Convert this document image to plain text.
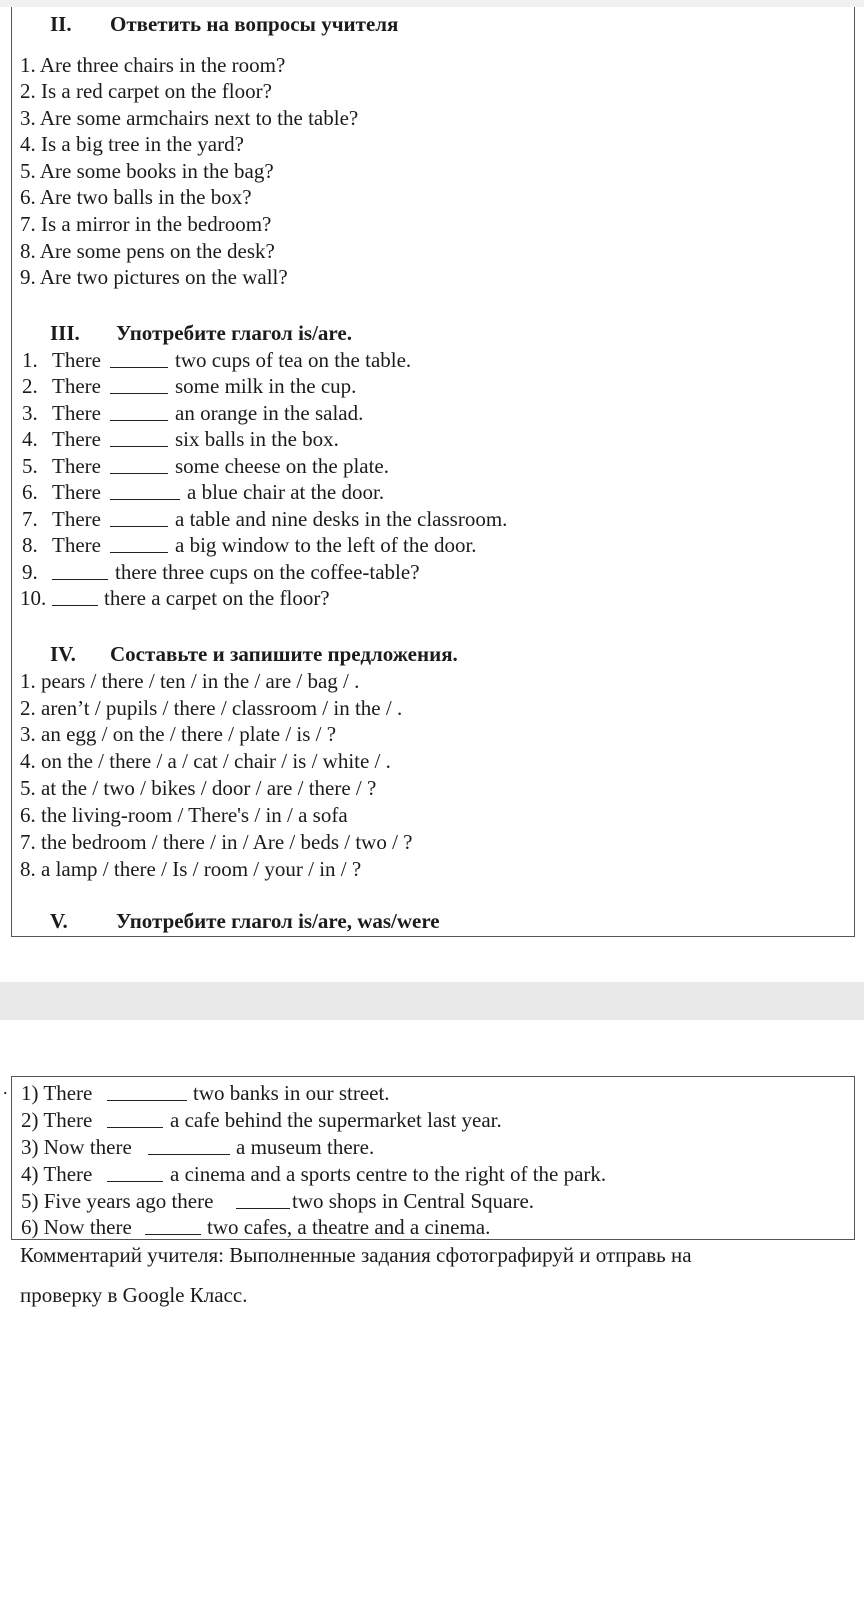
II. Ответить на вопросы учителя
1. Are three chairs in the room?
2. Is a red carpet on the floor?
3. Are some armchairs next to the table?
4. Is a big tree in the yard?
5. Are some books in the bag?
6. Are two balls in the box?
7. Is a mirror in the bedroom?
8. Are some pens on the desk?
9. Are two pictures on the wall?
III. Употребите глагол is/are.
1. There	two cups of tea on the table.
2. There	some milk in the cup.
3. There	an orange in the salad.
4. There	six balls in the box.
5. There	some cheese on the plate.
6. There	a blue chair at the door.
7. There	a table and nine desks in the classroom.
8. There	a big window to the left of the door.
9.	there three cups on the coffee-table?
10.	there a carpet on the floor?
IV. Составьте и запишите предложения.
1. pears / there / ten / in the / are / bag / .
2. aren’t / pupils / there / classroom / in the / .
3. an egg / on the / there / plate / is / ?
4. on the / there / a / cat / chair / is / white / .
5. at the / two / bikes / door / are / there / ?
6. the living-room / There's / in / a sofa
7. the bedroom / there / in / Are / beds / two / ?
8. a lamp / there / Is / room / your / in / ?
V. Употребите глагол is/are, was/were
. 1) There	two banks in our street.
2) There	a cafe behind the supermarket last year.
3) Now there	a museum there.
4) There	a cinema and a sports centre to the right of the park.
5) Five years ago there	two shops in Central Square.
6) Now there	two cafes, a theatre and a cinema.
Комментарий учителя: Выполненные задания сфотографируй и отправь на
проверку в Google Класс.
